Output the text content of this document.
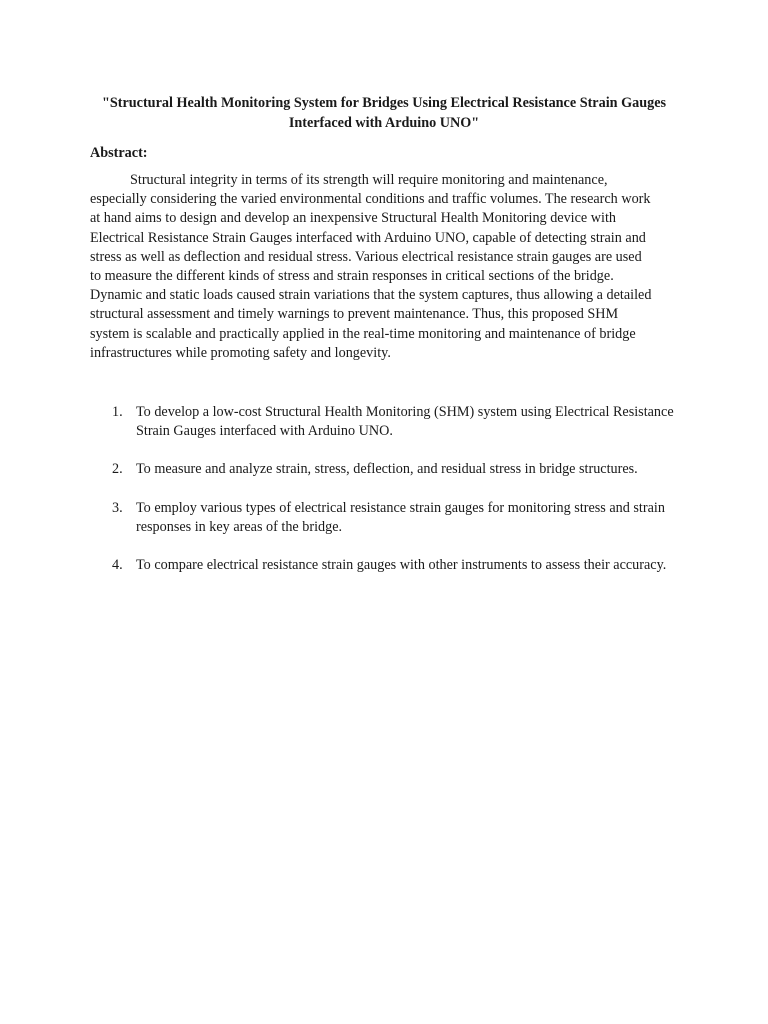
"Structural Health Monitoring System for Bridges Using Electrical Resistance Strain Gauges Interfaced with Arduino UNO"
Abstract:

Structural integrity in terms of its strength will require monitoring and maintenance, especially considering the varied environmental conditions and traffic volumes. The research work at hand aims to design and develop an inexpensive Structural Health Monitoring device with Electrical Resistance Strain Gauges interfaced with Arduino UNO, capable of detecting strain and stress as well as deflection and residual stress. Various electrical resistance strain gauges are used to measure the different kinds of stress and strain responses in critical sections of the bridge. Dynamic and static loads caused strain variations that the system captures, thus allowing a detailed structural assessment and timely warnings to prevent maintenance. Thus, this proposed SHM system is scalable and practically applied in the real-time monitoring and maintenance of bridge infrastructures while promoting safety and longevity.

1. To develop a low-cost Structural Health Monitoring (SHM) system using Electrical Resistance Strain Gauges interfaced with Arduino UNO.
2. To measure and analyze strain, stress, deflection, and residual stress in bridge structures.
3. To employ various types of electrical resistance strain gauges for monitoring stress and strain responses in key areas of the bridge.
4. To compare electrical resistance strain gauges with other instruments to assess their accuracy.
